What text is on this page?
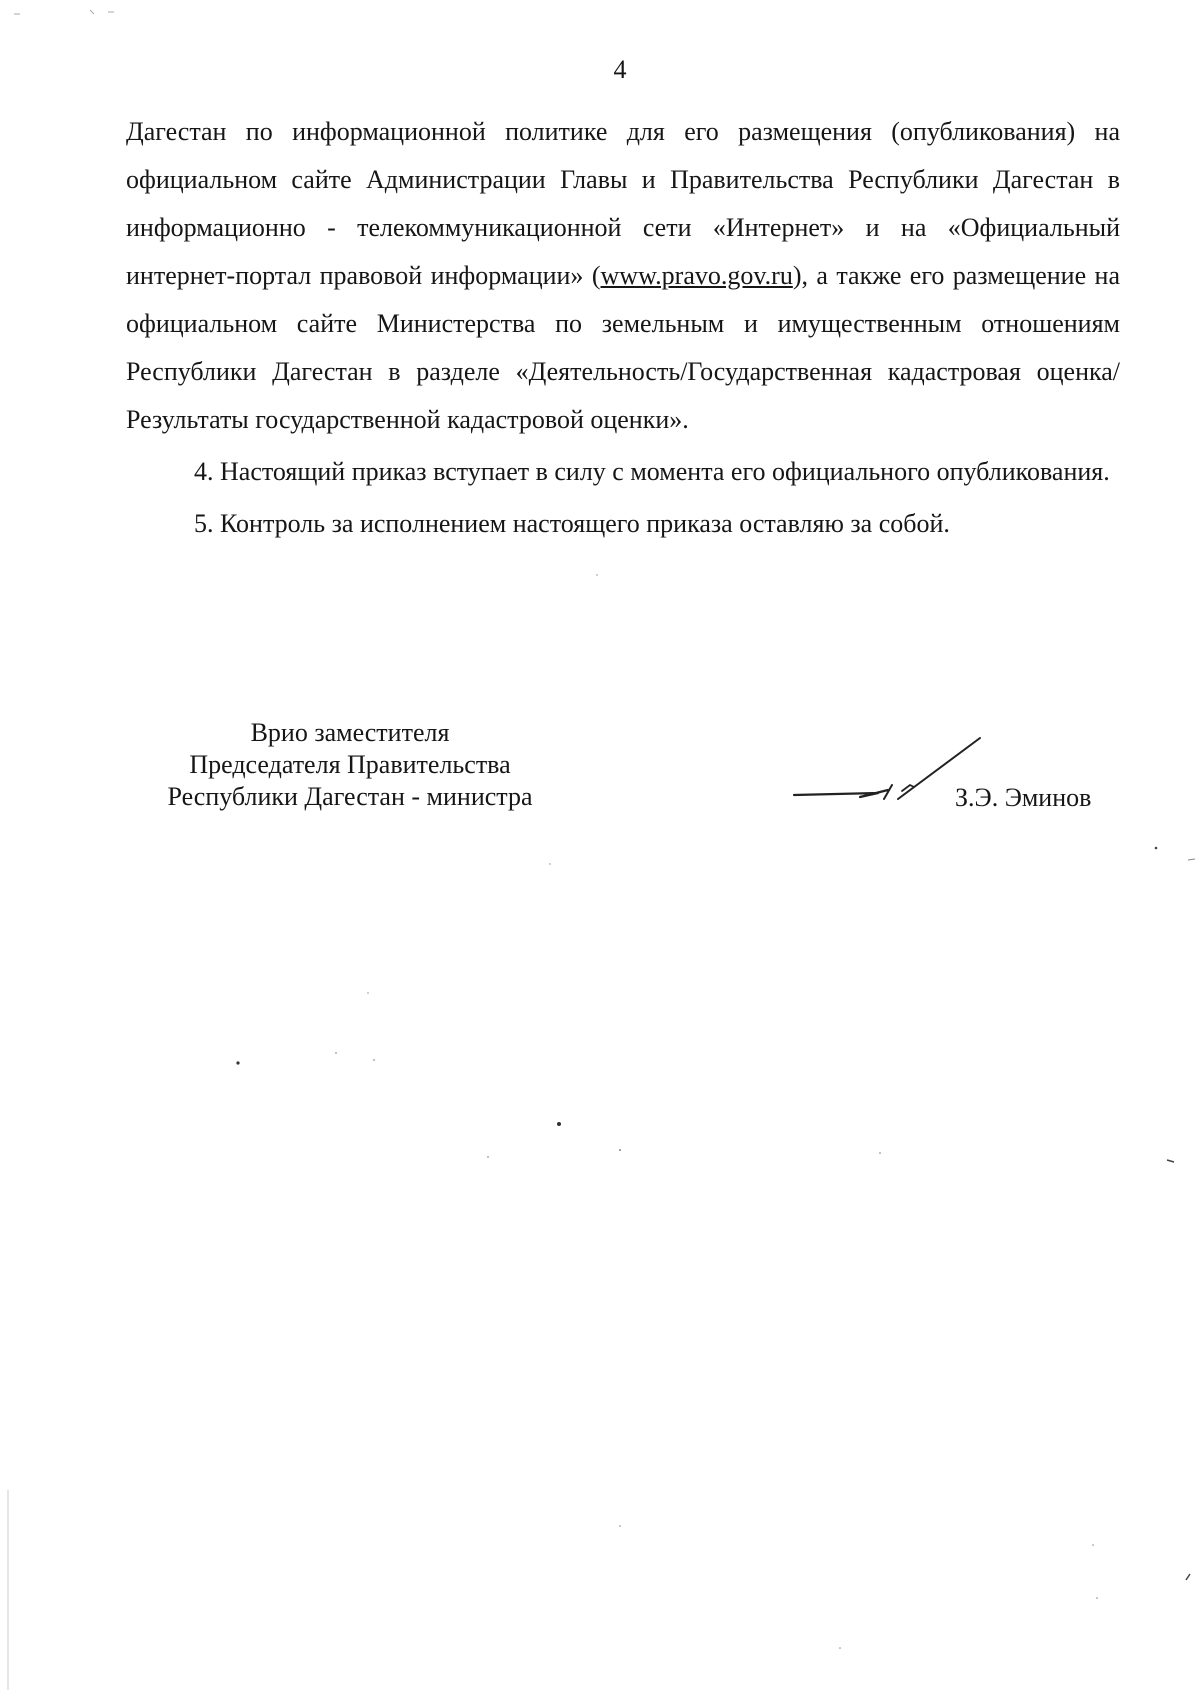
4

Дагестан по информационной политике для его размещения (опубликования) на официальном сайте Администрации Главы и Правительства Республики Дагестан в информационно - телекоммуникационной сети «Интернет» и на «Официальный интернет-портал правовой информации» (www.pravo.gov.ru), а также его размещение на официальном сайте Министерства по земельным и имущественным отношениям Республики Дагестан в разделе «Деятельность/Государственная кадастровая оценка/Результаты государственной кадастровой оценки».

4. Настоящий приказ вступает в силу с момента его официального опубликования.

5. Контроль за исполнением настоящего приказа оставляю за собой.

Врио заместителя
Председателя Правительства
Республики Дагестан - министра	З.Э. Эминов
